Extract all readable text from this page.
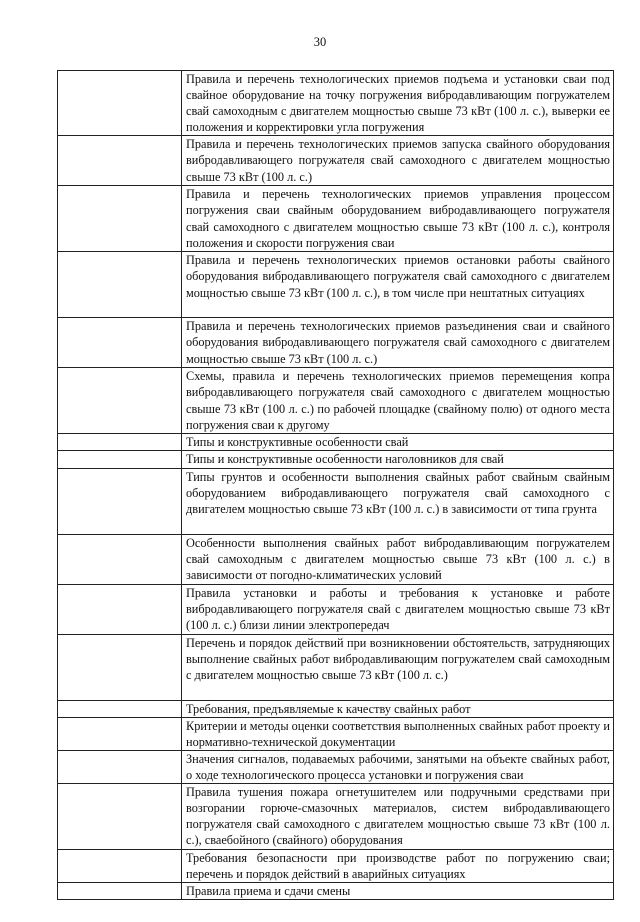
30

	Правила и перечень технологических приемов подъема и установки сваи под свайное оборудование на точку погружения вибродавливающим погружателем свай самоходным с двигателем мощностью свыше 73 кВт (100 л. с.), выверки ее положения и корректировки угла погружения

	Правила и перечень технологических приемов запуска свайного оборудования вибродавливающего погружателя свай самоходного с двигателем мощностью свыше 73 кВт (100 л. с.)

	Правила и перечень технологических приемов управления процессом погружения сваи свайным оборудованием вибродавливающего погружателя свай самоходного с двигателем мощностью свыше 73 кВт (100 л. с.), контроля положения и скорости погружения сваи

	Правила и перечень технологических приемов остановки работы свайного оборудования вибродавливающего погружателя свай самоходного с двигателем мощностью свыше 73 кВт (100 л. с.), в том числе при нештатных ситуациях

	Правила и перечень технологических приемов разъединения сваи и свайного оборудования вибродавливающего погружателя свай самоходного с двигателем мощностью свыше 73 кВт (100 л. с.)

	Схемы, правила и перечень технологических приемов перемещения копра вибродавливающего погружателя свай самоходного с двигателем мощностью свыше 73 кВт (100 л. с.) по рабочей площадке (свайному полю) от одного места погружения сваи к другому

	Типы и конструктивные особенности свай

	Типы и конструктивные особенности наголовников для свай

	Типы грунтов и особенности выполнения свайных работ свайным свайным оборудованием вибродавливающего погружателя свай самоходного с двигателем мощностью свыше 73 кВт (100 л. с.) в зависимости от типа грунта

	Особенности выполнения свайных работ вибродавливающим погружателем свай самоходным с двигателем мощностью свыше 73 кВт (100 л. с.) в зависимости от погодно-климатических условий

	Правила установки и работы и требования к установке и работе вибродавливающего погружателя свай с двигателем мощностью свыше 73 кВт (100 л. с.) близи линии электропередач

	Перечень и порядок действий при возникновении обстоятельств, затрудняющих выполнение свайных работ вибродавливающим погружателем свай самоходным с двигателем мощностью свыше 73 кВт (100 л. с.)

	Требования, предъявляемые к качеству свайных работ

	Критерии и методы оценки соответствия выполненных свайных работ проекту и нормативно-технической документации

	Значения сигналов, подаваемых рабочими, занятыми на объекте свайных работ, о ходе технологического процесса установки и погружения сваи

	Правила тушения пожара огнетушителем или подручными средствами при возгорании горюче-смазочных материалов, систем вибродавливающего погружателя свай самоходного с двигателем мощностью свыше 73 кВт (100 л. с.), сваебойного (свайного) оборудования

	Требования безопасности при производстве работ по погружению сваи; перечень и порядок действий в аварийных ситуациях

	Правила приема и сдачи смены
